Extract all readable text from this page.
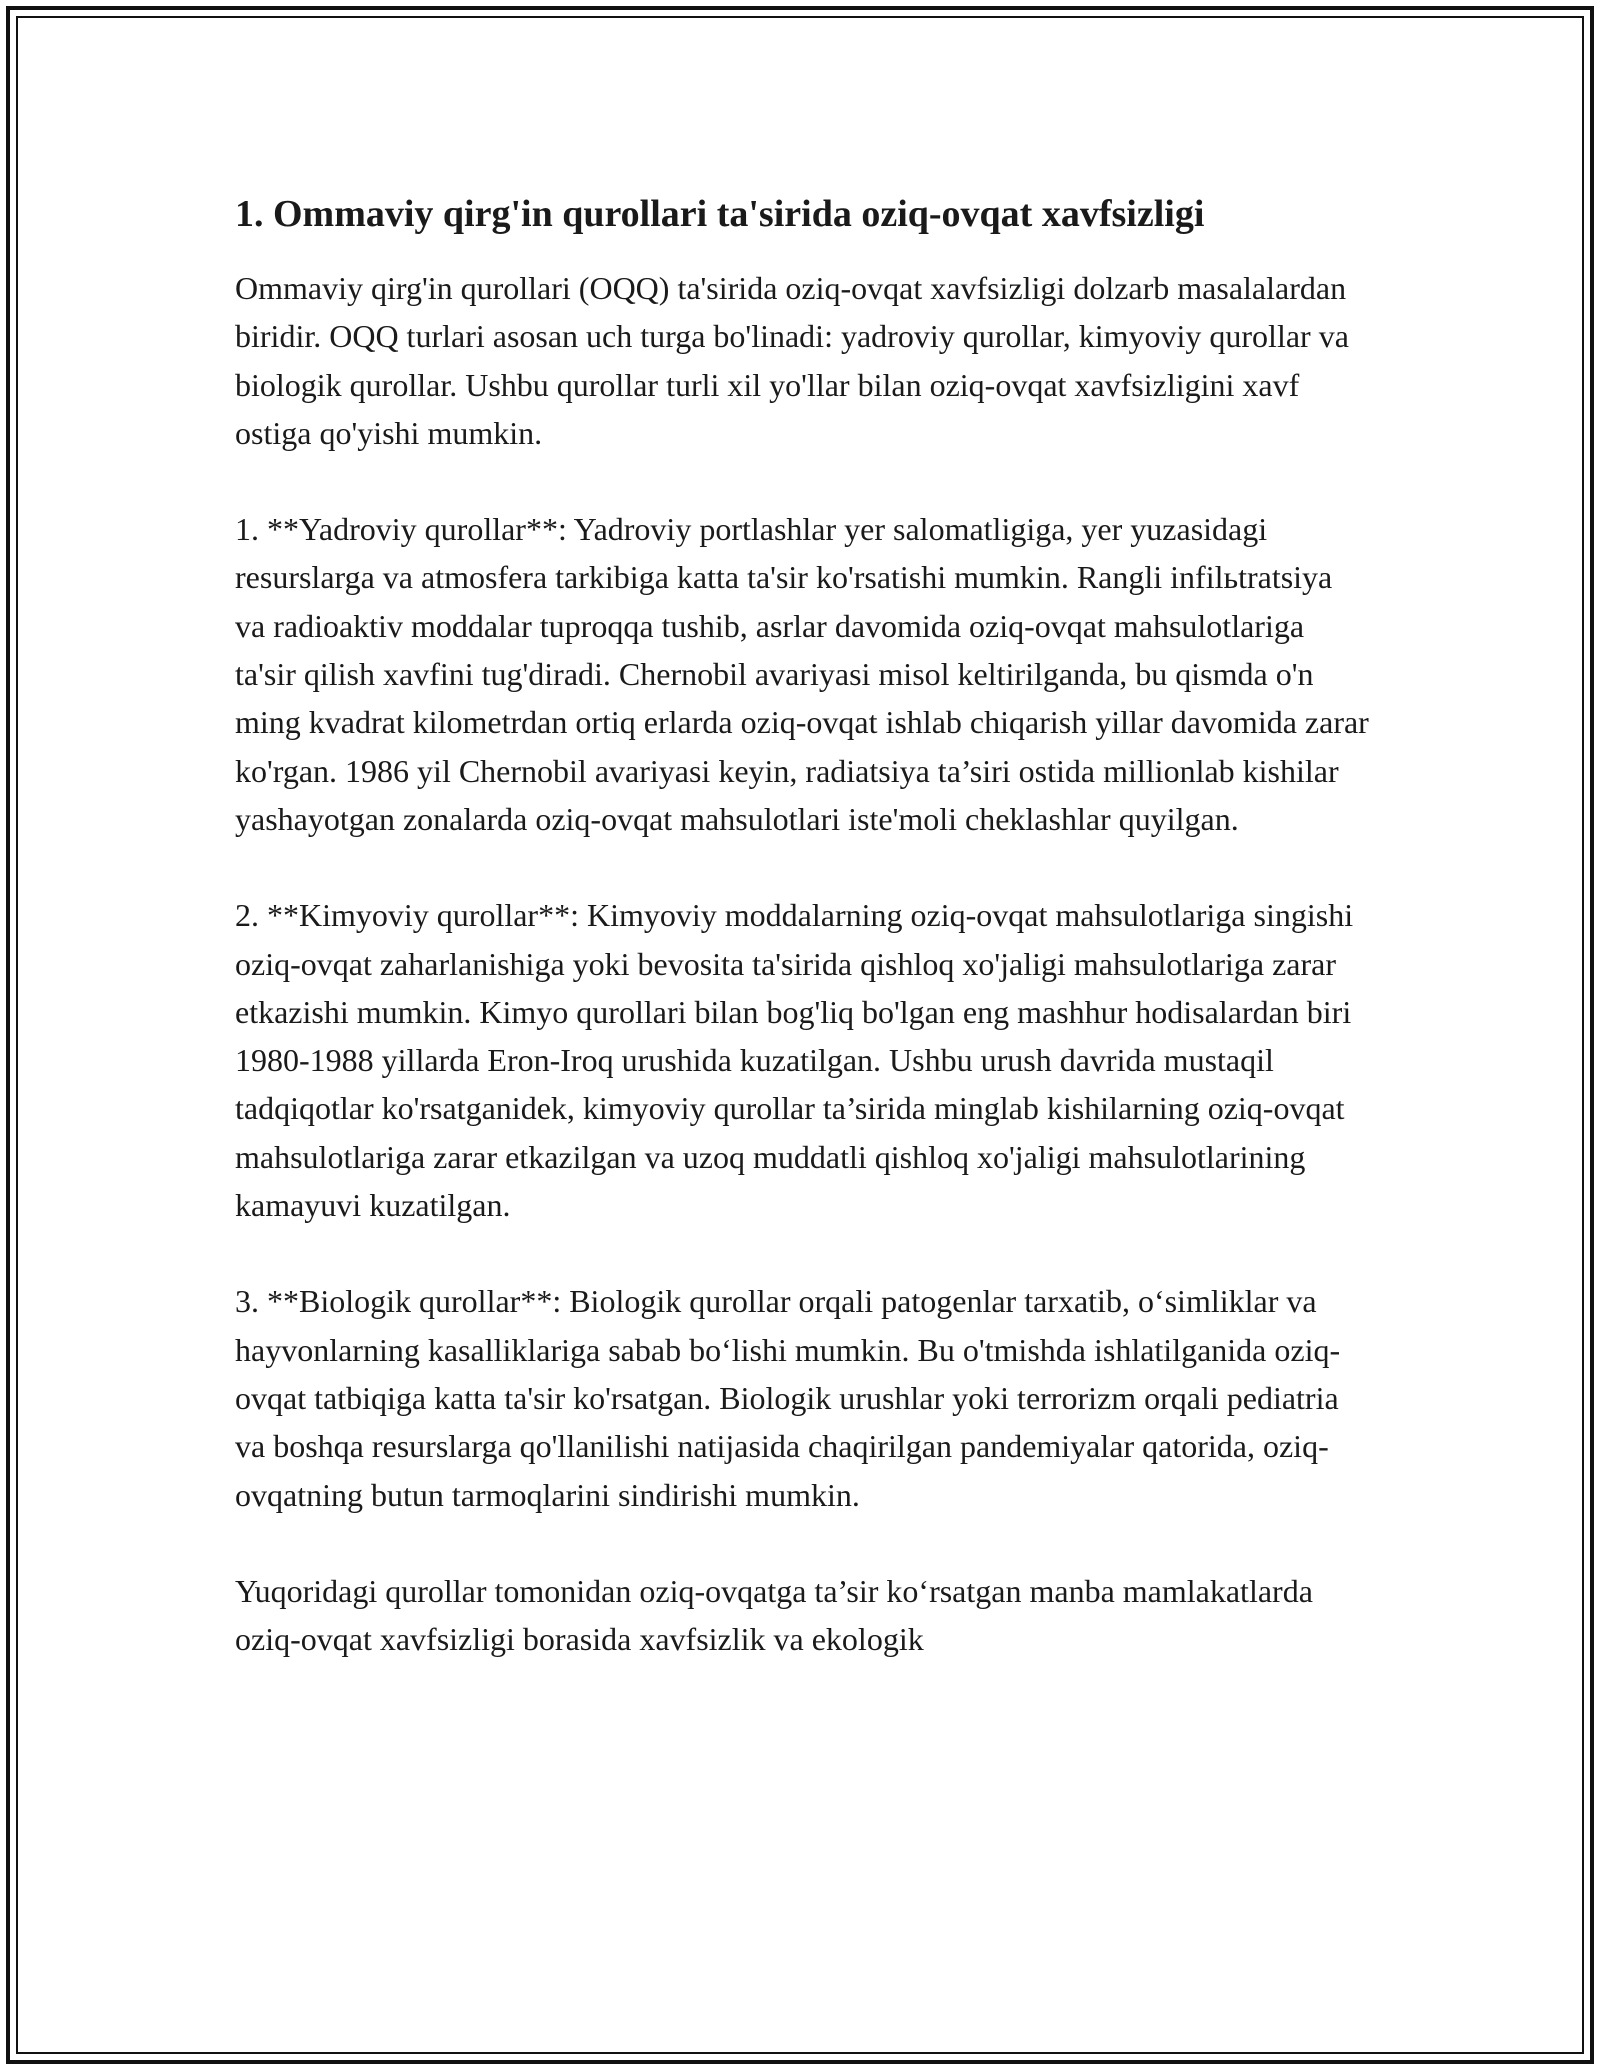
1. Ommaviy qirg'in qurollari ta'sirida oziq-ovqat xavfsizligi

Ommaviy qirg'in qurollari (OQQ) ta'sirida oziq-ovqat xavfsizligi dolzarb masalalardan biridir. OQQ turlari asosan uch turga bo'linadi: yadroviy qurollar, kimyoviy qurollar va biologik qurollar. Ushbu qurollar turli xil yo'llar bilan oziq-ovqat xavfsizligini xavf ostiga qo'yishi mumkin.

1. **Yadroviy qurollar**: Yadroviy portlashlar yer salomatligiga, yer yuzasidagi resurslarga va atmosfera tarkibiga katta ta'sir ko'rsatishi mumkin. Rangli infilьtratsiya va radioaktiv moddalar tuproqqa tushib, asrlar davomida oziq-ovqat mahsulotlariga ta'sir qilish xavfini tug'diradi. Chernobil avariyasi misol keltirilganda, bu qismda o'n ming kvadrat kilometrdan ortiq erlarda oziq-ovqat ishlab chiqarish yillar davomida zarar ko'rgan. 1986 yil Chernobil avariyasi keyin, radiatsiya ta’siri ostida millionlab kishilar yashayotgan zonalarda oziq-ovqat mahsulotlari iste'moli cheklashlar quyilgan.

2. **Kimyoviy qurollar**: Kimyoviy moddalarning oziq-ovqat mahsulotlariga singishi oziq-ovqat zaharlanishiga yoki bevosita ta'sirida qishloq xo'jaligi mahsulotlariga zarar etkazishi mumkin. Kimyo qurollari bilan bog'liq bo'lgan eng mashhur hodisalardan biri 1980-1988 yillarda Eron-Iroq urushida kuzatilgan. Ushbu urush davrida mustaqil tadqiqotlar ko'rsatganidek, kimyoviy qurollar ta’sirida minglab kishilarning oziq-ovqat mahsulotlariga zarar etkazilgan va uzoq muddatli qishloq xo'jaligi mahsulotlarining kamayuvi kuzatilgan.

3. **Biologik qurollar**: Biologik qurollar orqali patogenlar tarxatib, o‘simliklar va hayvonlarning kasalliklariga sabab bo‘lishi mumkin. Bu o'tmishda ishlatilganida oziq-ovqat tatbiqiga katta ta'sir ko'rsatgan. Biologik urushlar yoki terrorizm orqali pediatria va boshqa resurslarga qo'llanilishi natijasida chaqirilgan pandemiyalar qatorida, oziq-ovqatning butun tarmoqlarini sindirishi mumkin.

Yuqoridagi qurollar tomonidan oziq-ovqatga ta’sir ko‘rsatgan manba mamlakatlarda oziq-ovqat xavfsizligi borasida xavfsizlik va ekologik
